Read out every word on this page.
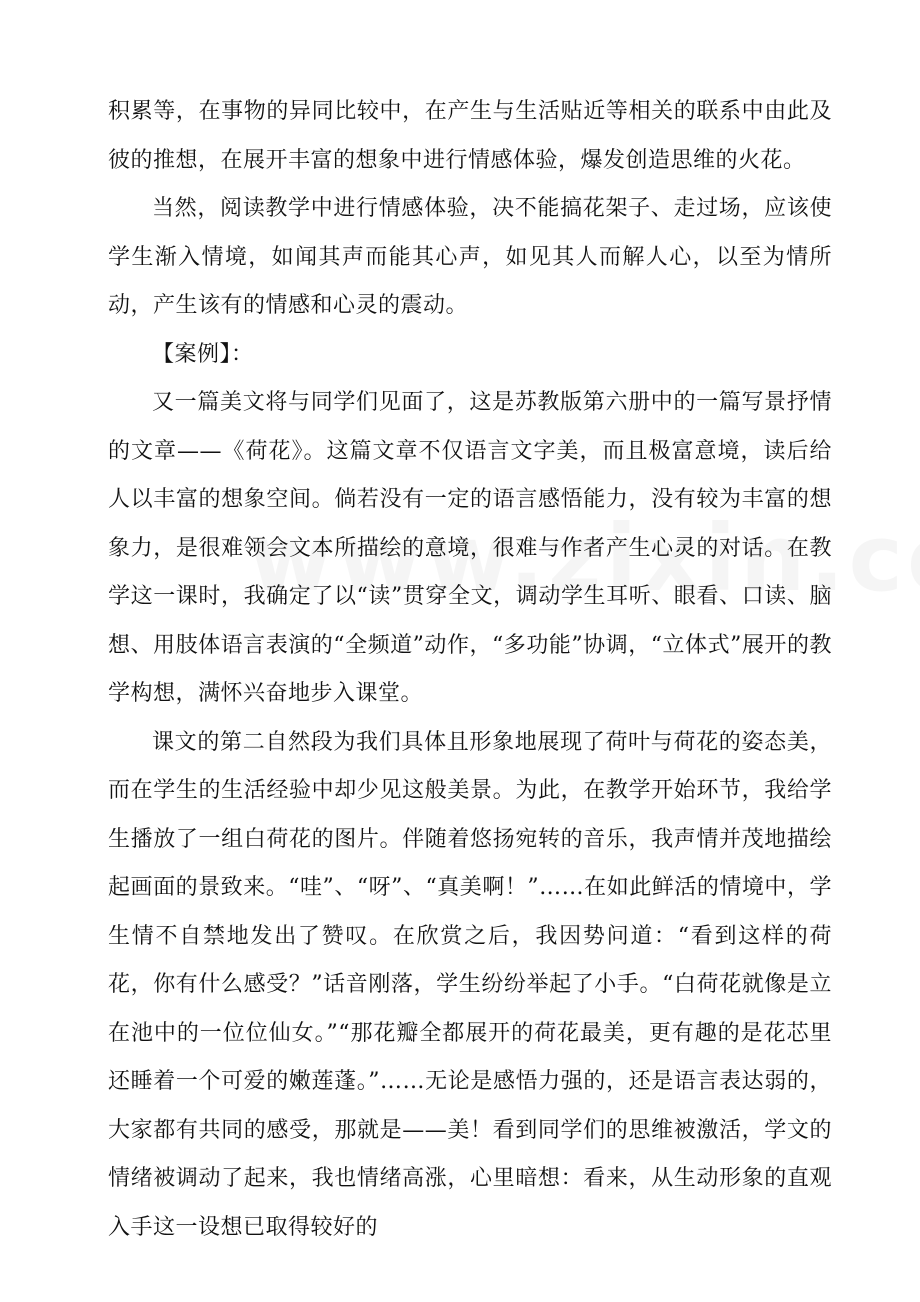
积累等，在事物的异同比较中，在产生与生活贴近等相关的联系中由此及彼的推想，在展开丰富的想象中进行情感体验，爆发创造思维的火花。

当然，阅读教学中进行情感体验，决不能搞花架子、走过场，应该使学生渐入情境，如闻其声而能其心声，如见其人而解人心，以至为情所动，产生该有的情感和心灵的震动。

【案例】：

又一篇美文将与同学们见面了，这是苏教版第六册中的一篇写景抒情的文章——《荷花》。这篇文章不仅语言文字美，而且极富意境，读后给人以丰富的想象空间。倘若没有一定的语言感悟能力，没有较为丰富的想象力，是很难领会文本所描绘的意境，很难与作者产生心灵的对话。在教学这一课时，我确定了以“读”贯穿全文，调动学生耳听、眼看、口读、脑想、用肢体语言表演的“全频道”动作，“多功能”协调，“立体式”展开的教学构想，满怀兴奋地步入课堂。

课文的第二自然段为我们具体且形象地展现了荷叶与荷花的姿态美，而在学生的生活经验中却少见这般美景。为此，在教学开始环节，我给学生播放了一组白荷花的图片。伴随着悠扬宛转的音乐，我声情并茂地描绘起画面的景致来。“哇”、“呀”、“真美啊！”……在如此鲜活的情境中，学生情不自禁地发出了赞叹。在欣赏之后，我因势问道：“看到这样的荷花，你有什么感受？”话音刚落，学生纷纷举起了小手。“白荷花就像是立在池中的一位位仙女。”“那花瓣全都展开的荷花最美，更有趣的是花芯里还睡着一个可爱的嫩莲蓬。”……无论是感悟力强的，还是语言表达弱的，大家都有共同的感受，那就是——美！看到同学们的思维被激活，学文的情绪被调动了起来，我也情绪高涨，心里暗想：看来，从生动形象的直观入手这一设想已取得较好的
